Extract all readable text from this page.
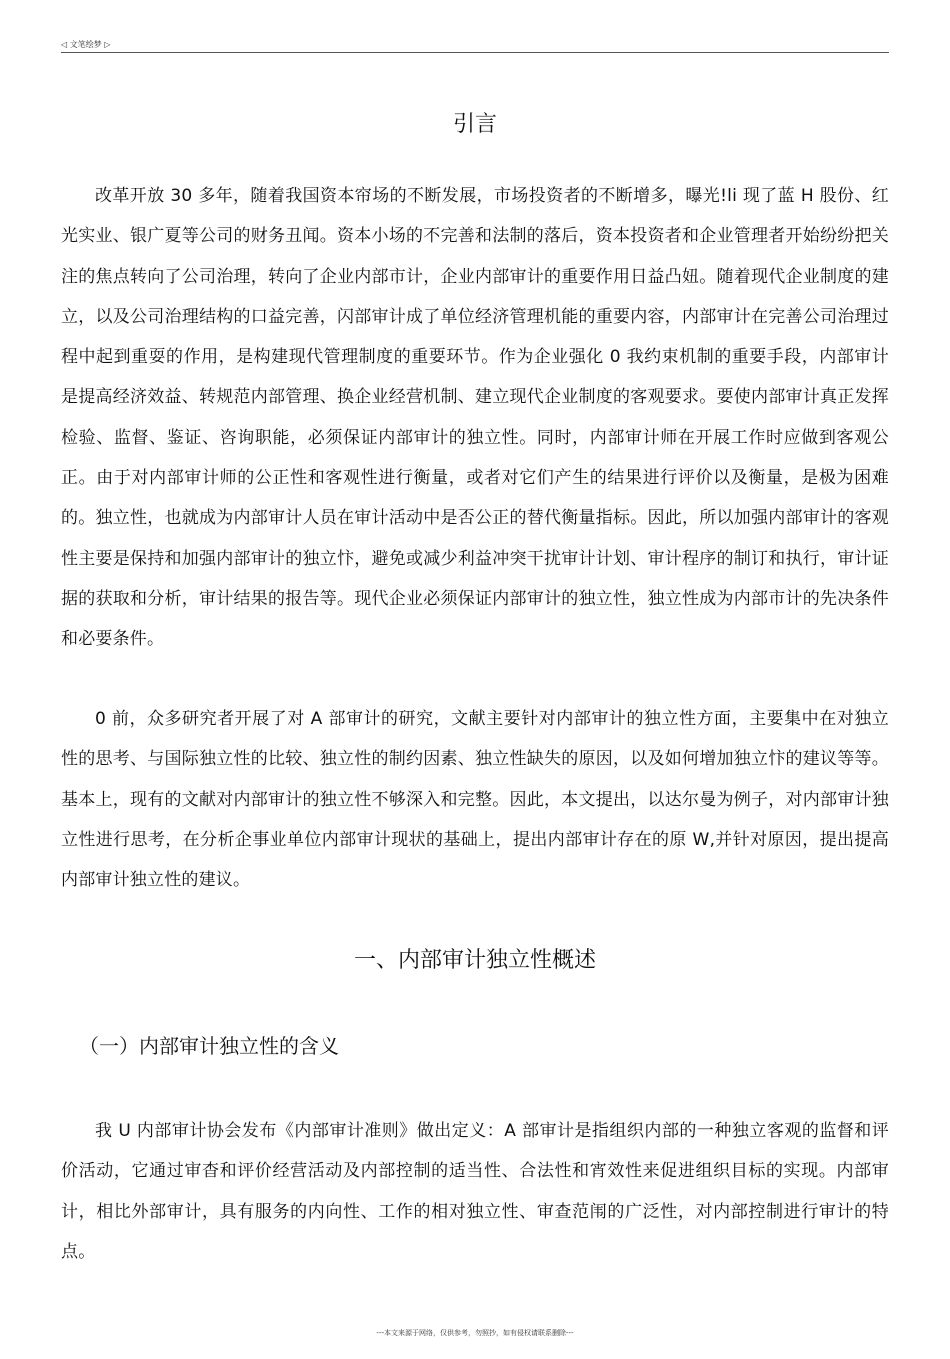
◁ 文笔绘梦 ▷
引言

改革开放 30 多年，随着我国资本帘场的不断发展，市场投资者的不断增多，曝光!li 现了蓝 H 股份、红光实业、银广夏等公司的财务丑闻。资本小场的不完善和法制的落后，资本投资者和企业管理者开始纷纷把关注的焦点转向了公司治理，转向了企业内部市计，企业内部审计的重要作用日益凸妞。随着现代企业制度的建立，以及公司治理结构的口益完善，闪部审计成了单位经济管理机能的重要内容，内部审计在完善公司治理过程中起到重耍的作用，是构建现代管理制度的重要环节。作为企业强化 0 我约束机制的重要手段，内部审计是提高经济效益、转规范内部管理、换企业经营机制、建立现代企业制度的客观要求。要使内部审计真正发挥检验、监督、鉴证、咨询职能，必须保证内部审计的独立性。同时，内部审计师在开展工作时应做到客观公正。由于对内部审计师的公正性和客观性进行衡量，或者对它们产生的结果进行评价以及衡量，是极为困难的。独立性，也就成为内部审计人员在审计活动中是否公正的替代衡量指标。因此，所以加强内部审计的客观性主要是保持和加强内部审计的独立忭，避免或减少利益冲突干扰审计计划、审计程序的制订和执行，审计证据的获取和分析，审计结果的报告等。现代企业必须保证内部审计的独立性，独立性成为内部市计的先决条件和必要条件。

0 前，众多研究者开展了对 A 部审计的研究，文献主要针对内部审计的独立性方面，主要集中在对独立性的思考、与国际独立性的比较、独立性的制约因素、独立性缺失的原因，以及如何增加独立忭的建议等等。基本上，现有的文献对内部审计的独立性不够深入和完整。因此，本文提出，以达尔曼为例子，对内部审计独立性进行思考，在分析企事业单位内部审计现状的基础上，提出内部审计存在的原 W,并针对原因，提出提高内部审计独立性的建议。

一、内部审计独立性概述
（一）内部审计独立性的含义

我 U 内部审计协会发布《内部审计准则》做出定义：A 部审计是指组织内部的一种独立客观的监督和评价活动，它通过审杳和评价经营活动及内部控制的适当性、合法性和宵效性来促进组织目标的实现。内部审计，相比外部审计，具有服务的内向性、工作的相对独立性、审查范闱的广泛性，对内部控制进行审计的特点。

---本文来源于网络，仅供参考，勿照抄，如有侵权请联系删除---
